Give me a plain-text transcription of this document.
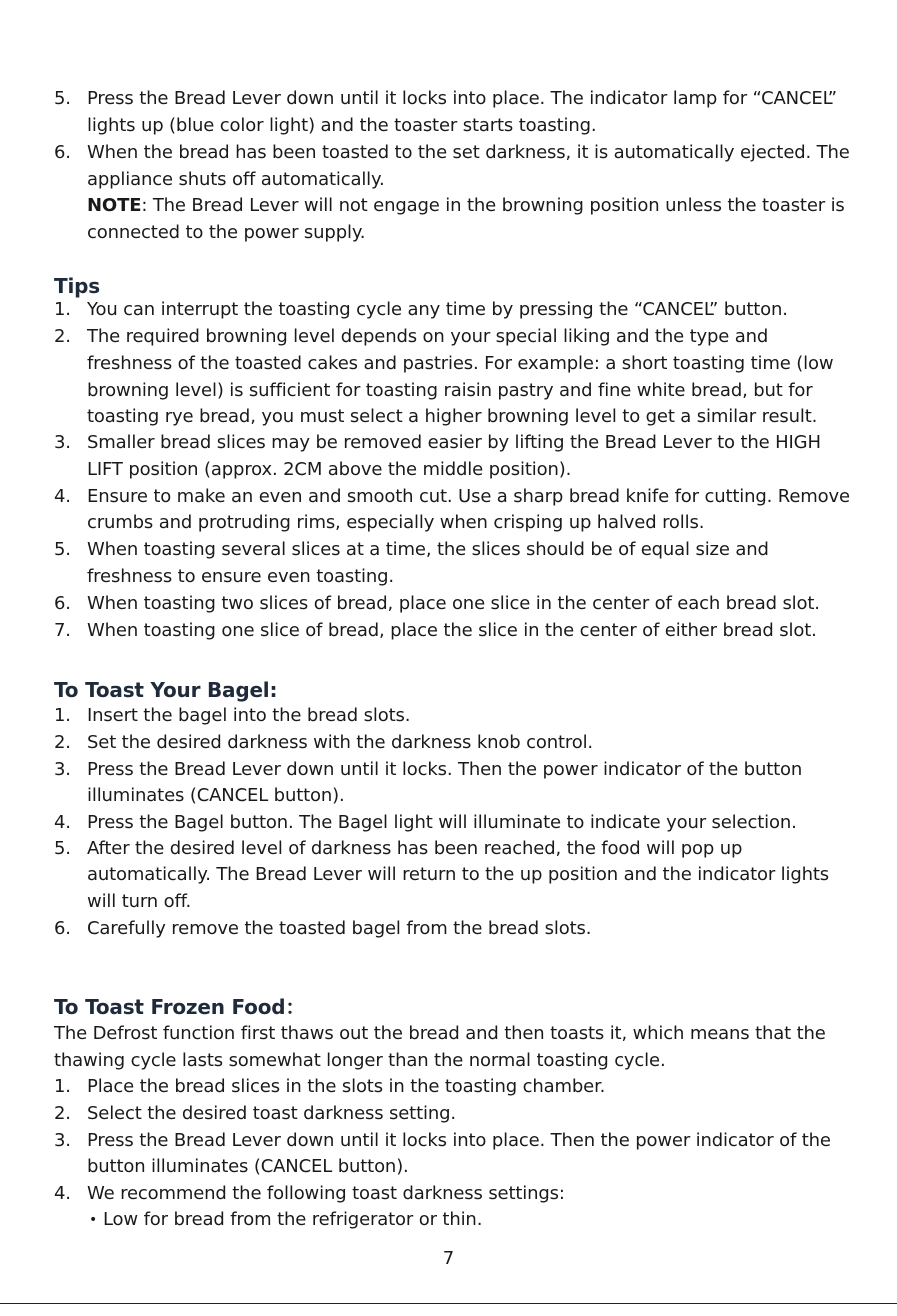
5. Press the Bread Lever down until it locks into place. The indicator lamp for “CANCEL”
lights up (blue color light) and the toaster starts toasting.
6. When the bread has been toasted to the set darkness, it is automatically ejected. The
appliance shuts off automatically.
NOTE: The Bread Lever will not engage in the browning position unless the toaster is
connected to the power supply.
Tips
1. You can interrupt the toasting cycle any time by pressing the “CANCEL” button.
2. The required browning level depends on your special liking and the type and
freshness of the toasted cakes and pastries. For example: a short toasting time (low
browning level) is sufficient for toasting raisin pastry and fine white bread, but for
toasting rye bread, you must select a higher browning level to get a similar result.
3. Smaller bread slices may be removed easier by lifting the Bread Lever to the HIGH
LIFT position (approx. 2CM above the middle position).
4. Ensure to make an even and smooth cut. Use a sharp bread knife for cutting. Remove
crumbs and protruding rims, especially when crisping up halved rolls.
5. When toasting several slices at a time, the slices should be of equal size and
freshness to ensure even toasting.
6. When toasting two slices of bread, place one slice in the center of each bread slot.
7. When toasting one slice of bread, place the slice in the center of either bread slot.
To Toast Your Bagel:
1. Insert the bagel into the bread slots.
2. Set the desired darkness with the darkness knob control.
3. Press the Bread Lever down until it locks. Then the power indicator of the button
illuminates (CANCEL button).
4. Press the Bagel button. The Bagel light will illuminate to indicate your selection.
5. After the desired level of darkness has been reached, the food will pop up
automatically. The Bread Lever will return to the up position and the indicator lights
will turn off.
6. Carefully remove the toasted bagel from the bread slots.
To Toast Frozen Food：
The Defrost function first thaws out the bread and then toasts it, which means that the
thawing cycle lasts somewhat longer than the normal toasting cycle.
1. Place the bread slices in the slots in the toasting chamber.
2. Select the desired toast darkness setting.
3. Press the Bread Lever down until it locks into place. Then the power indicator of the
button illuminates (CANCEL button).
4. We recommend the following toast darkness settings:
• Low for bread from the refrigerator or thin.
7
